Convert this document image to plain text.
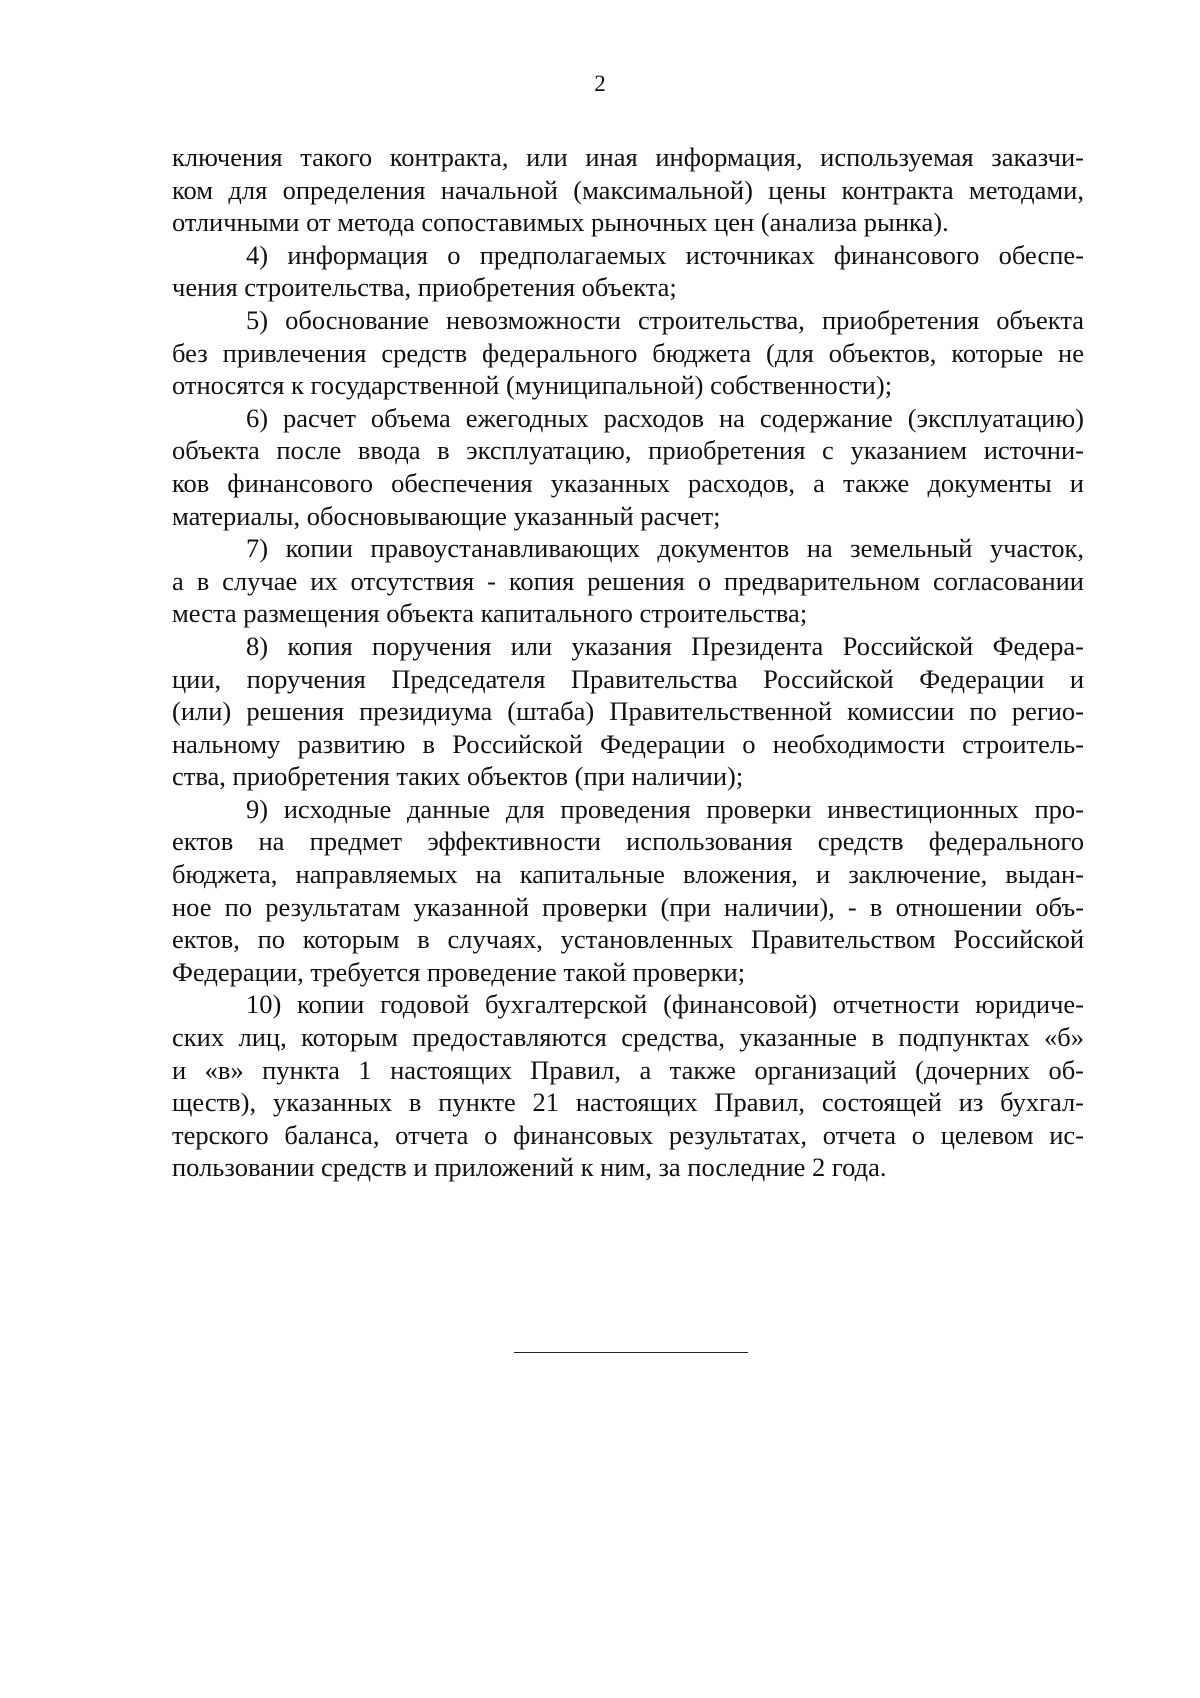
2
ключения такого контракта, или иная информация, используемая заказчи-
ком для определения начальной (максимальной) цены контракта методами,
отличными от метода сопоставимых рыночных цен (анализа рынка).
4) информация о предполагаемых источниках финансового обеспе-
чения строительства, приобретения объекта;
5) обоснование невозможности строительства, приобретения объекта
без привлечения средств федерального бюджета (для объектов, которые не
относятся к государственной (муниципальной) собственности);
6) расчет объема ежегодных расходов на содержание (эксплуатацию)
объекта после ввода в эксплуатацию, приобретения с указанием источни-
ков финансового обеспечения указанных расходов, а также документы и
материалы, обосновывающие указанный расчет;
7) копии правоустанавливающих документов на земельный участок,
а в случае их отсутствия - копия решения о предварительном согласовании
места размещения объекта капитального строительства;
8) копия поручения или указания Президента Российской Федера-
ции, поручения Председателя Правительства Российской Федерации и
(или) решения президиума (штаба) Правительственной комиссии по регио-
нальному развитию в Российской Федерации о необходимости строитель-
ства, приобретения таких объектов (при наличии);
9) исходные данные для проведения проверки инвестиционных про-
ектов на предмет эффективности использования средств федерального
бюджета, направляемых на капитальные вложения, и заключение, выдан-
ное по результатам указанной проверки (при наличии), - в отношении объ-
ектов, по которым в случаях, установленных Правительством Российской
Федерации, требуется проведение такой проверки;
10) копии годовой бухгалтерской (финансовой) отчетности юридиче-
ских лиц, которым предоставляются средства, указанные в подпунктах «б»
и «в» пункта 1 настоящих Правил, а также организаций (дочерних об-
ществ), указанных в пункте 21 настоящих Правил, состоящей из бухгал-
терского баланса, отчета о финансовых результатах, отчета о целевом ис-
пользовании средств и приложений к ним, за последние 2 года.
